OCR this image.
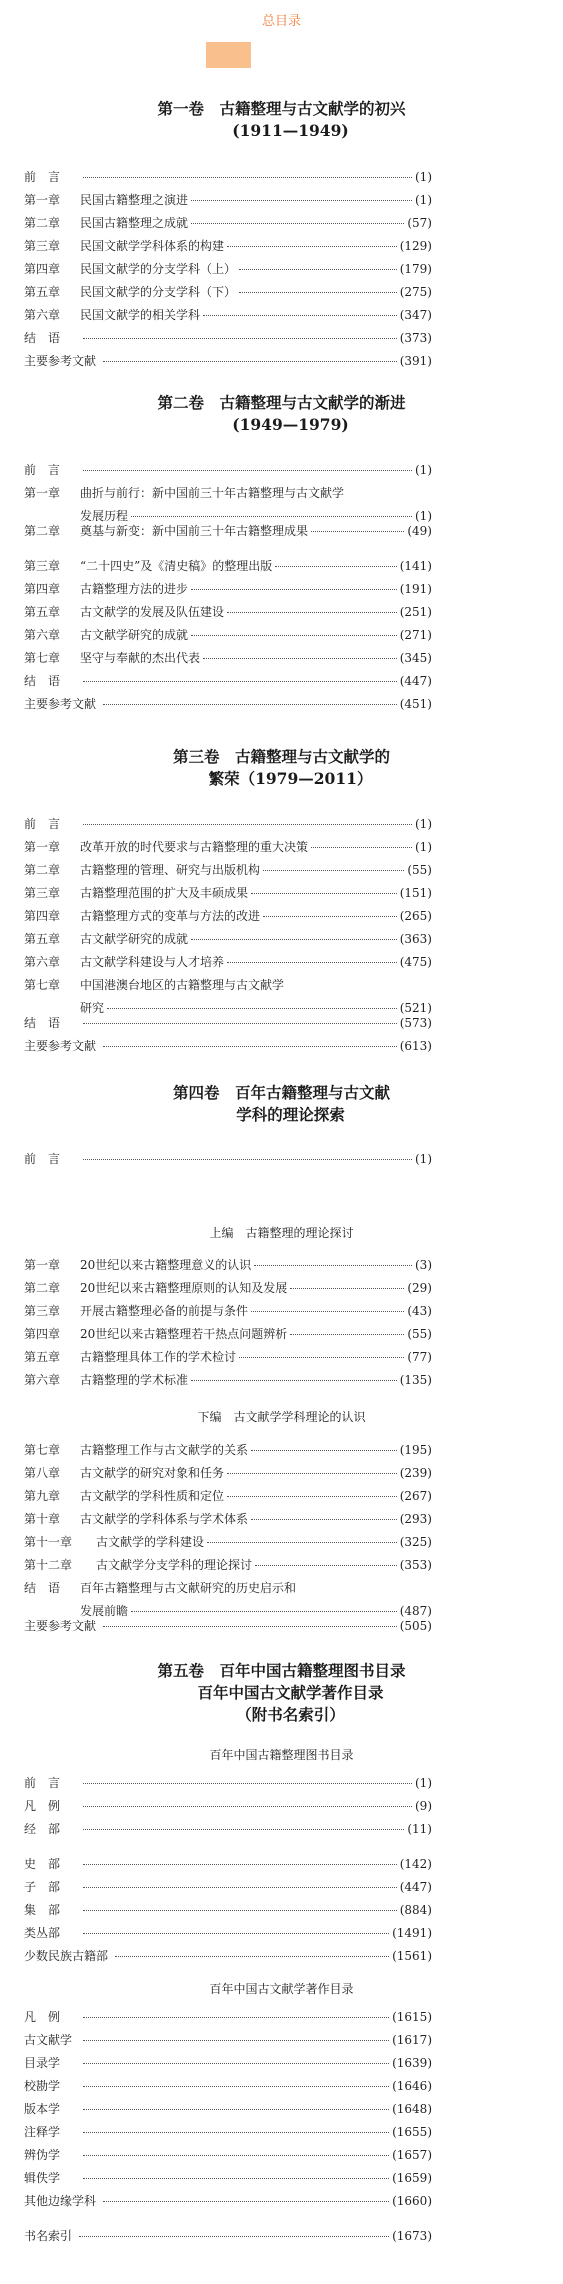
总目录
第一卷　古籍整理与古文献学的初兴
(1911—1949)
前　言	(1)
第一章	民国古籍整理之演进	(1)
第二章	民国古籍整理之成就	(57)
第三章	民国文献学学科体系的构建	(129)
第四章	民国文献学的分支学科（上）	(179)
第五章	民国文献学的分支学科（下）	(275)
第六章	民国文献学的相关学科	(347)
结　语	(373)
主要参考文献	(391)
第二卷　古籍整理与古文献学的渐进
(1949—1979)
前　言	(1)
第一章	曲折与前行：新中国前三十年古籍整理与古文献学
发展历程	(1)
第二章	奠基与新变：新中国前三十年古籍整理成果	(49)
第三章	“二十四史”及《清史稿》的整理出版	(141)
第四章	古籍整理方法的进步	(191)
第五章	古文献学的发展及队伍建设	(251)
第六章	古文献学研究的成就	(271)
第七章	坚守与奉献的杰出代表	(345)
结　语	(447)
主要参考文献	(451)
第三卷　古籍整理与古文献学的
繁荣（1979—2011）
前　言	(1)
第一章	改革开放的时代要求与古籍整理的重大决策	(1)
第二章	古籍整理的管理、研究与出版机构	(55)
第三章	古籍整理范围的扩大及丰硕成果	(151)
第四章	古籍整理方式的变革与方法的改进	(265)
第五章	古文献学研究的成就	(363)
第六章	古文献学科建设与人才培养	(475)
第七章	中国港澳台地区的古籍整理与古文献学
研究	(521)
结　语	(573)
主要参考文献	(613)
第四卷　百年古籍整理与古文献
学科的理论探索
前　言	(1)
上编　古籍整理的理论探讨
第一章	20世纪以来古籍整理意义的认识	(3)
第二章	20世纪以来古籍整理原则的认知及发展	(29)
第三章	开展古籍整理必备的前提与条件	(43)
第四章	20世纪以来古籍整理若干热点问题辨析	(55)
第五章	古籍整理具体工作的学术检讨	(77)
第六章	古籍整理的学术标准	(135)
下编　古文献学学科理论的认识
第七章	古籍整理工作与古文献学的关系	(195)
第八章	古文献学的研究对象和任务	(239)
第九章	古文献学的学科性质和定位	(267)
第十章	古文献学的学科体系与学术体系	(293)
第十一章	古文献学的学科建设	(325)
第十二章	古文献学分支学科的理论探讨	(353)
结　语	百年古籍整理与古文献研究的历史启示和
发展前瞻	(487)
主要参考文献	(505)
第五卷　百年中国古籍整理图书目录
百年中国古文献学著作目录
（附书名索引）
百年中国古籍整理图书目录
前　言	(1)
凡　例	(9)
经　部	(11)
史　部	(142)
子　部	(447)
集　部	(884)
类丛部	(1491)
少数民族古籍部	(1561)
百年中国古文献学著作目录
凡　例	(1615)
古文献学	(1617)
目录学	(1639)
校勘学	(1646)
版本学	(1648)
注释学	(1655)
辨伪学	(1657)
辑佚学	(1659)
其他边缘学科	(1660)
书名索引	(1673)
